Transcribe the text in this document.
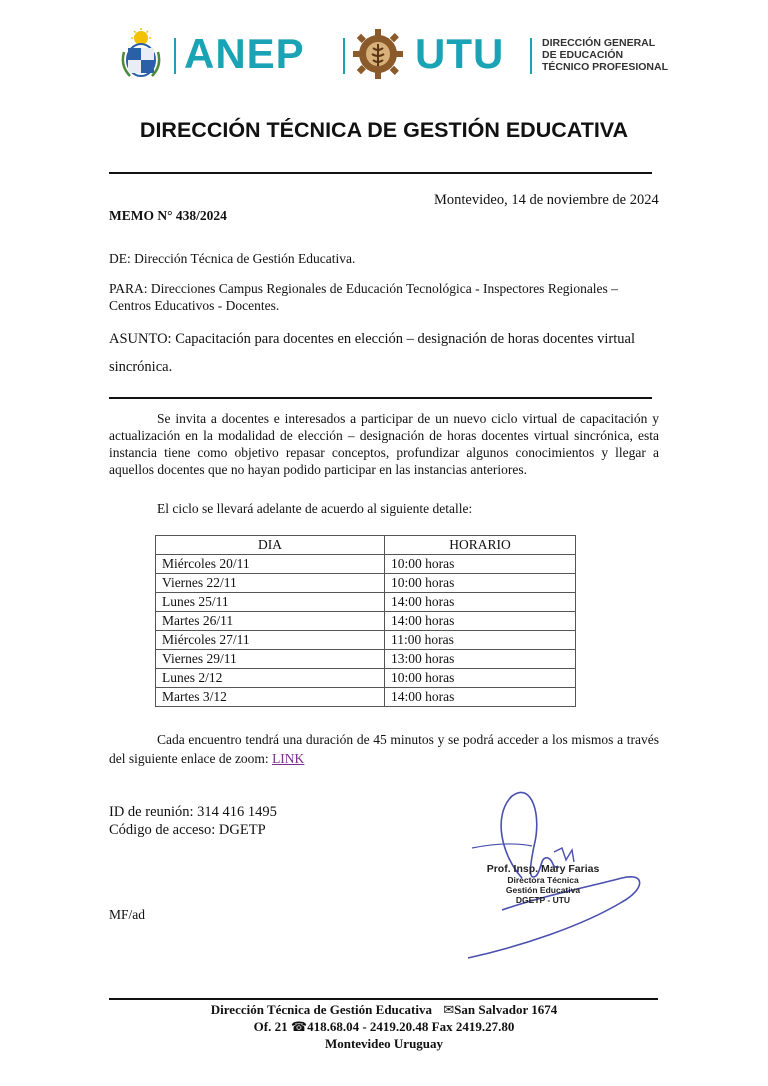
ANEP	UTU	DIRECCIÓN GENERAL
DE EDUCACIÓN
TÉCNICO PROFESIONAL
DIRECCIÓN TÉCNICA DE GESTIÓN EDUCATIVA
Montevideo, 14 de noviembre de 2024
MEMO N° 438/2024
DE: Dirección Técnica de Gestión Educativa.
PARA: Direcciones Campus Regionales de Educación Tecnológica - Inspectores Regionales – Centros Educativos - Docentes.
ASUNTO: Capacitación para docentes en elección – designación de horas docentes virtual sincrónica.
Se invita a docentes e interesados a participar de un nuevo ciclo virtual de capacitación y actualización en la modalidad de elección – designación de horas docentes virtual sincrónica, esta instancia tiene como objetivo repasar conceptos, profundizar algunos conocimientos y llegar a aquellos docentes que no hayan podido participar en las instancias anteriores.
El ciclo se llevará adelante de acuerdo al siguiente detalle:
DIA	HORARIO
Miércoles 20/11	10:00 horas
Viernes 22/11	10:00 horas
Lunes 25/11	14:00 horas
Martes 26/11	14:00 horas
Miércoles 27/11	11:00 horas
Viernes 29/11	13:00 horas
Lunes 2/12	10:00 horas
Martes 3/12	14:00 horas
Cada encuentro tendrá una duración de 45 minutos y se podrá acceder a los mismos a través del siguiente enlace de zoom: LINK
ID de reunión: 314 416 1495
Código de acceso: DGETP
MF/ad
Prof. Insp. Mary Farias
Directora Técnica
Gestión Educativa
DGETP - UTU
Dirección Técnica de Gestión Educativa ✉San Salvador 1674
Of. 21 ☎418.68.04 - 2419.20.48 Fax 2419.27.80
Montevideo Uruguay
